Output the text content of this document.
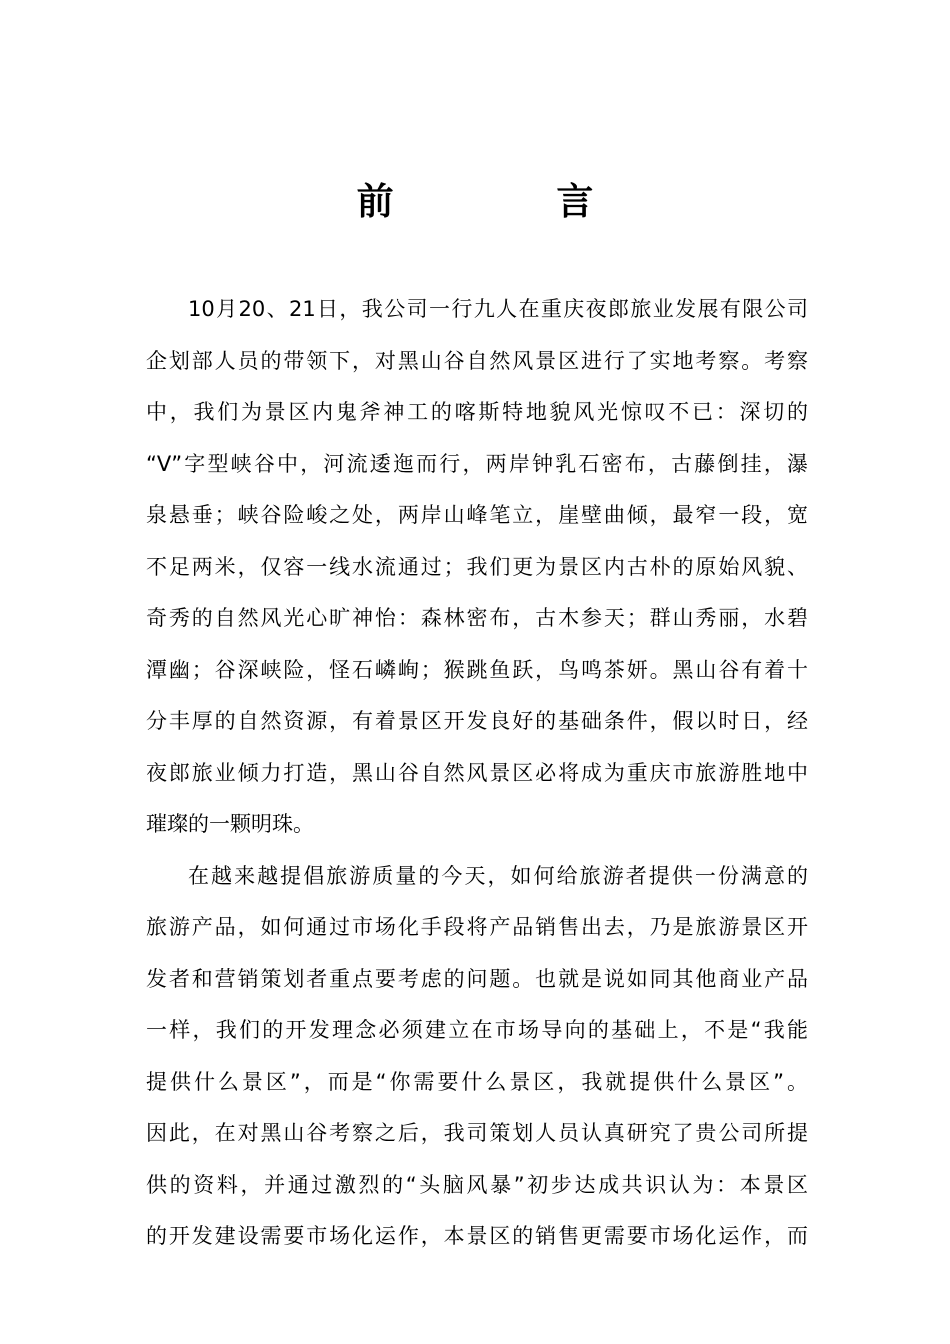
前　言
10月20、21日，我公司一行九人在重庆夜郎旅业发展有限公司
企划部人员的带领下，对黑山谷自然风景区进行了实地考察。考察
中，我们为景区内鬼斧神工的喀斯特地貌风光惊叹不已：深切的
“V”字型峡谷中，河流逶迤而行，两岸钟乳石密布，古藤倒挂，瀑
泉悬垂；峡谷险峻之处，两岸山峰笔立，崖壁曲倾，最窄一段，宽
不足两米，仅容一线水流通过；我们更为景区内古朴的原始风貌、
奇秀的自然风光心旷神怡：森林密布，古木参天；群山秀丽，水碧
潭幽；谷深峡险，怪石嶙峋；猴跳鱼跃，鸟鸣茶妍。黑山谷有着十
分丰厚的自然资源，有着景区开发良好的基础条件，假以时日，经
夜郎旅业倾力打造，黑山谷自然风景区必将成为重庆市旅游胜地中
璀璨的一颗明珠。
在越来越提倡旅游质量的今天，如何给旅游者提供一份满意的
旅游产品，如何通过市场化手段将产品销售出去，乃是旅游景区开
发者和营销策划者重点要考虑的问题。也就是说如同其他商业产品
一样，我们的开发理念必须建立在市场导向的基础上，不是“我能
提供什么景区”，而是“你需要什么景区，我就提供什么景区”。
因此，在对黑山谷考察之后，我司策划人员认真研究了贵公司所提
供的资料，并通过激烈的“头脑风暴”初步达成共识认为：本景区
的开发建设需要市场化运作，本景区的销售更需要市场化运作，而
